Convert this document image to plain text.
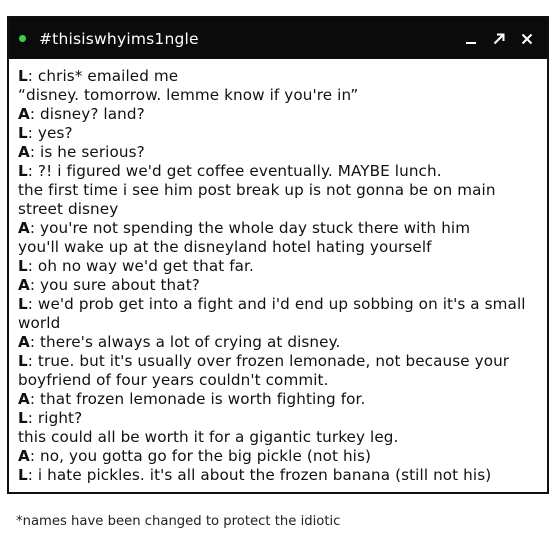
#thisiswhyims1ngle

L: chris* emailed me

“disney. tomorrow. lemme know if you're in”

A: disney? land?

L: yes?

A: is he serious?

L: ?! i figured we'd get coffee eventually. MAYBE lunch.

the first time i see him post break up is not gonna be on main street disney

A: you're not spending the whole day stuck there with him

you'll wake up at the disneyland hotel hating yourself

L: oh no way we'd get that far.

A: you sure about that?

L: we'd prob get into a fight and i'd end up sobbing on it's a small world

A: there's always a lot of crying at disney.

L: true. but it's usually over frozen lemonade, not because your boyfriend of four years couldn't commit.

A: that frozen lemonade is worth fighting for.

L: right?

this could all be worth it for a gigantic turkey leg.

A: no, you gotta go for the big pickle (not his)

L: i hate pickles. it's all about the frozen banana (still not his)

*names have been changed to protect the idiotic
